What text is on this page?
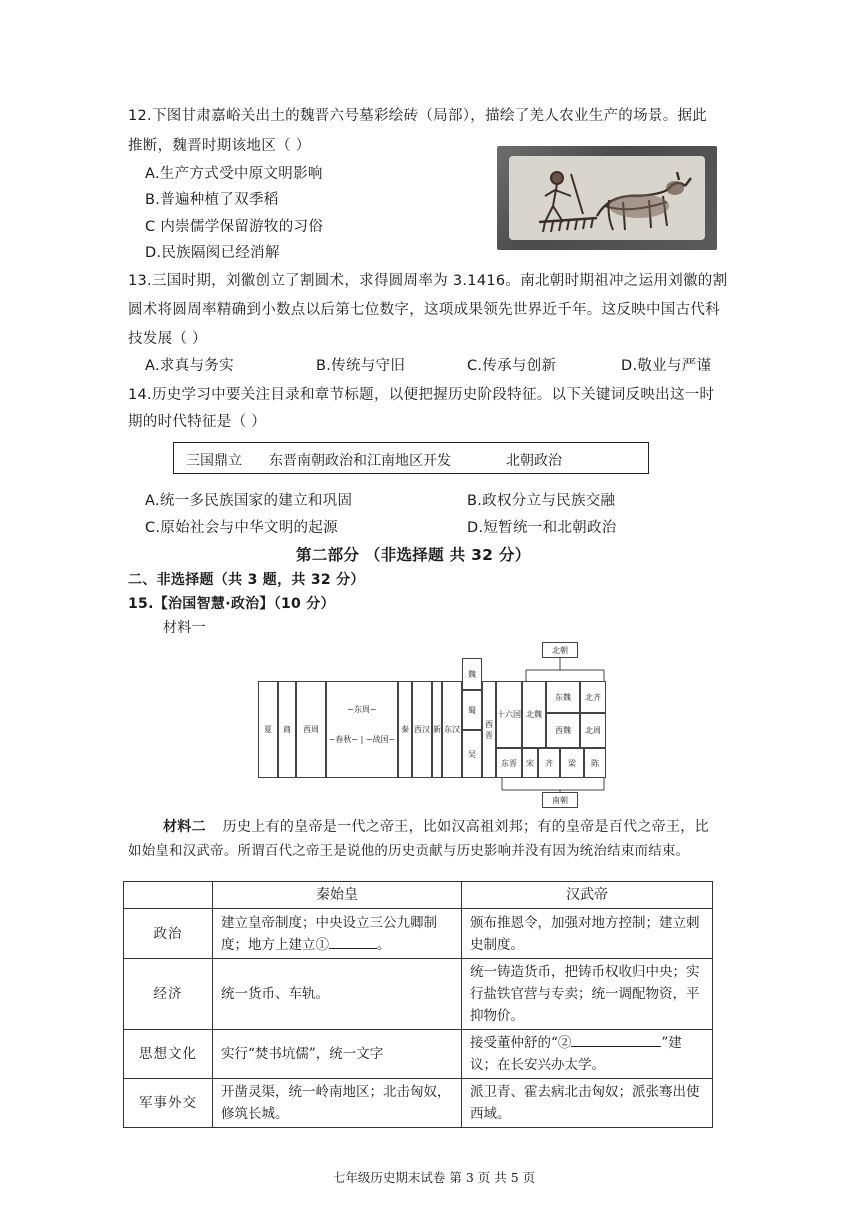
12.下图甘肃嘉峪关出土的魏晋六号墓彩绘砖（局部），描绘了羌人农业生产的场景。据此
推断，魏晋时期该地区（ ）
A.生产方式受中原文明影响
B.普遍种植了双季稻
C 内崇儒学保留游牧的习俗
D.民族隔阂已经消解
13.三国时期，刘徽创立了割圆术，求得圆周率为 3.1416。南北朝时期祖冲之运用刘徽的割
圆术将圆周率精确到小数点以后第七位数字，这项成果领先世界近千年。这反映中国古代科
技发展（ ）
A.求真与务实	B.传统与守旧	C.传承与创新	D.敬业与严谨
14.历史学习中要关注目录和章节标题，以便把握历史阶段特征。以下关键词反映出这一时
期的时代特征是（ ）
三国鼎立 东晋南朝政治和江南地区开发	北朝政治
A.统一多民族国家的建立和巩固	B.政权分立与民族交融
C.原始社会与中华文明的起源	D.短暂统一和北朝政治
第二部分 （非选择题 共 32 分）
二、非选择题（共 3 题，共 32 分）
15.【治国智慧·政治】（10 分）
材料一
北朝
夏	商	西周
~东周~
~春秋~ | ~战国~
秦 西汉 新 东汉
魏
蜀
吴
西晋
十六国 北魏
东魏	北齐
西魏	北周
东晋	宋	齐	梁	陈
南朝
材料二 历史上有的皇帝是一代之帝王，比如汉高祖刘邦；有的皇帝是百代之帝王，比
如始皇和汉武帝。所谓百代之帝王是说他的历史贡献与历史影响并没有因为统治结束而结束。
	秦始皇	汉武帝
政治	建立皇帝制度；中央设立三公九卿制度；地方上建立① 。	颁布推恩令，加强对地方控制；建立刺史制度。
经济	统一货币、车轨。	统一铸造货币，把铸币权收归中央；实行盐铁官营与专卖；统一调配物资，平抑物价。
思想文化	实行“焚书坑儒”，统一文字	接受董仲舒的“② ”建议；在长安兴办太学。
军事外交	开凿灵渠，统一岭南地区；北击匈奴，修筑长城。	派卫青、霍去病北击匈奴；派张骞出使西域。
七年级历史期末试卷 第 3 页 共 5 页
